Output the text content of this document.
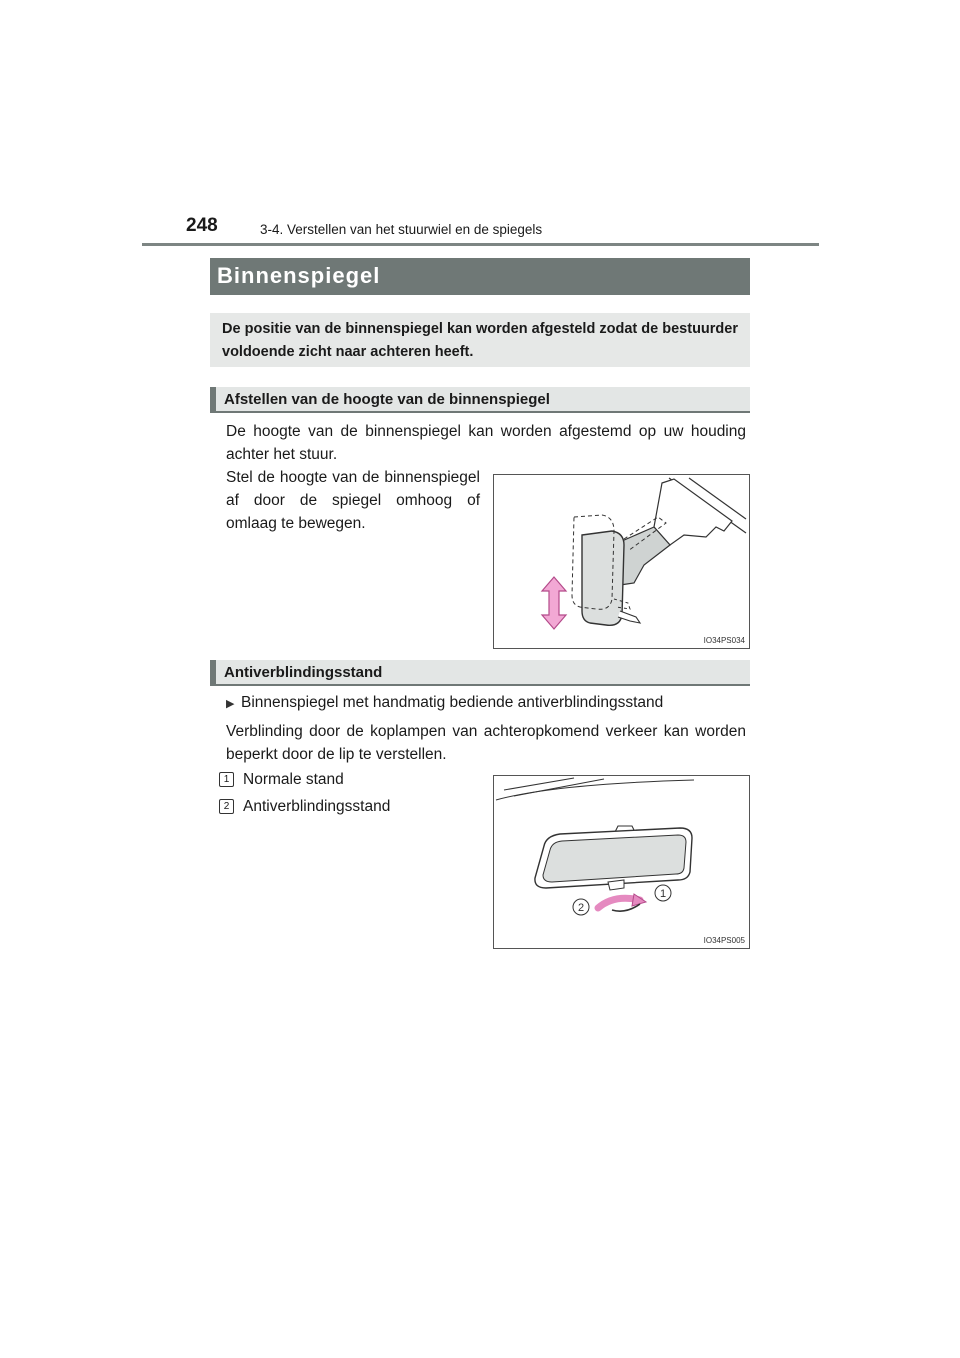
248	3-4. Verstellen van het stuurwiel en de spiegels
Binnenspiegel
De positie van de binnenspiegel kan worden afgesteld zodat de bestuurder voldoende zicht naar achteren heeft.
Afstellen van de hoogte van de binnenspiegel
De hoogte van de binnenspiegel kan worden afgestemd op uw houding achter het stuur.
Stel de hoogte van de binnenspiegel af door de spiegel omhoog of omlaag te bewegen.
IO34PS034
Antiverblindingsstand
▶ Binnenspiegel met handmatig bediende antiverblindingsstand
Verblinding door de koplampen van achteropkomend verkeer kan worden beperkt door de lip te verstellen.
1 Normale stand
2 Antiverblindingsstand
1
2
IO34PS005
